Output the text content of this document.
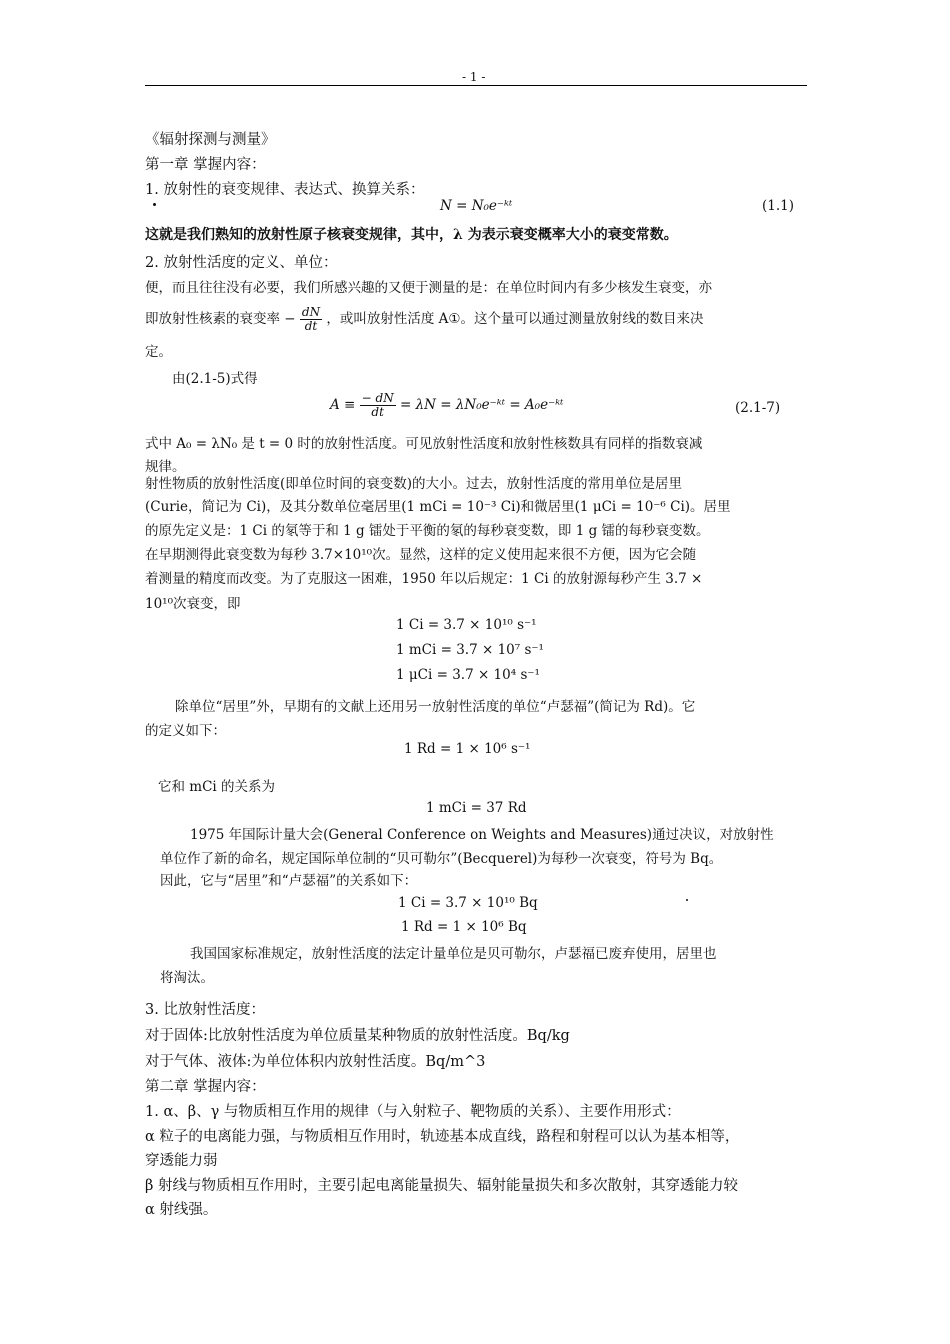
- 1 -
《辐射探测与测量》
第一章 掌握内容：
1. 放射性的衰变规律、表达式、换算关系：
N = N₀e⁻ᵏᵗ	(1.1)
这就是我们熟知的放射性原子核衰变规律，其中，λ 为表示衰变概率大小的衰变常数。
2. 放射性活度的定义、单位：
便，而且往往没有必要，我们所感兴趣的又便于测量的是：在单位时间内有多少核发生衰变，亦
即放射性核素的衰变率 − $\frac{dN}{dt}$ ，或叫放射性活度 A①。这个量可以通过测量放射线的数目来决
定。
由(2.1-5)式得
$A \equiv \frac{- dN}{dt} = \lambda N$ = λN₀e⁻ᵏᵗ = A₀e⁻ᵏᵗ	(2.1-7)
式中 A₀ = λN₀ 是 t = 0 时的放射性活度。可见放射性活度和放射性核数具有同样的指数衰减
规律。
射性物质的放射性活度(即单位时间的衰变数)的大小。过去，放射性活度的常用单位是居里
(Curie，简记为 Ci)，及其分数单位毫居里(1 mCi = 10⁻³ Ci)和微居里(1 μCi = 10⁻⁶ Ci)。居里
的原先定义是：1 Ci 的氡等于和 1 g 镭处于平衡的氡的每秒衰变数，即 1 g 镭的每秒衰变数。
在早期测得此衰变数为每秒 3.7×10¹⁰次。显然，这样的定义使用起来很不方便，因为它会随
着测量的精度而改变。为了克服这一困难，1950 年以后规定：1 Ci 的放射源每秒产生 3.7 ×
10¹⁰次衰变，即
1 Ci = 3.7 × 10¹⁰ s⁻¹
1 mCi = 3.7 × 10⁷ s⁻¹
1 μCi = 3.7 × 10⁴ s⁻¹
除单位“居里”外，早期有的文献上还用另一放射性活度的单位“卢瑟福”(简记为 Rd)。它
的定义如下：
1 Rd = 1 × 10⁶ s⁻¹
它和 mCi 的关系为
1 mCi = 37 Rd
1975 年国际计量大会(General Conference on Weights and Measures)通过决议，对放射性
单位作了新的命名，规定国际单位制的“贝可勒尔”(Becquerel)为每秒一次衰变，符号为 Bq。
因此，它与“居里”和“卢瑟福”的关系如下：
1 Ci = 3.7 × 10¹⁰ Bq
1 Rd = 1 × 10⁶ Bq
我国国家标准规定，放射性活度的法定计量单位是贝可勒尔，卢瑟福已废弃使用，居里也
将淘汰。
3. 比放射性活度：
对于固体:比放射性活度为单位质量某种物质的放射性活度。Bq/kg
对于气体、液体:为单位体积内放射性活度。Bq/m^3
第二章 掌握内容：
1. α、β、γ 与物质相互作用的规律（与入射粒子、靶物质的关系）、主要作用形式：
α 粒子的电离能力强，与物质相互作用时，轨迹基本成直线，路程和射程可以认为基本相等，
穿透能力弱
β 射线与物质相互作用时，主要引起电离能量损失、辐射能量损失和多次散射，其穿透能力较
α 射线强。
